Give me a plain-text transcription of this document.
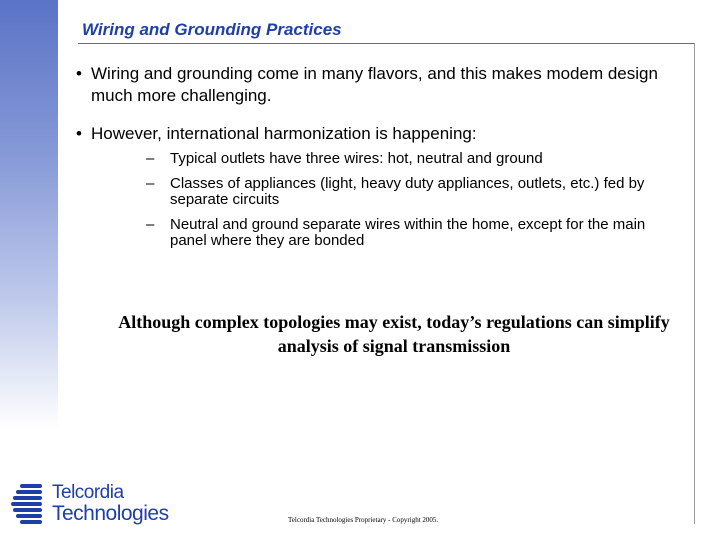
Wiring and Grounding Practices
• Wiring and grounding come in many flavors, and this makes modem design much more challenging.
• However, international harmonization is happening:
– Typical outlets have three wires: hot, neutral and ground
– Classes of appliances (light, heavy duty appliances, outlets, etc.) fed by separate circuits
– Neutral and ground separate wires within the home, except for the main panel where they are bonded
Although complex topologies may exist, today’s regulations can simplify analysis of signal transmission
Telcordia
Technologies	Telcordia Technologies Proprietary - Copyright 2005.
